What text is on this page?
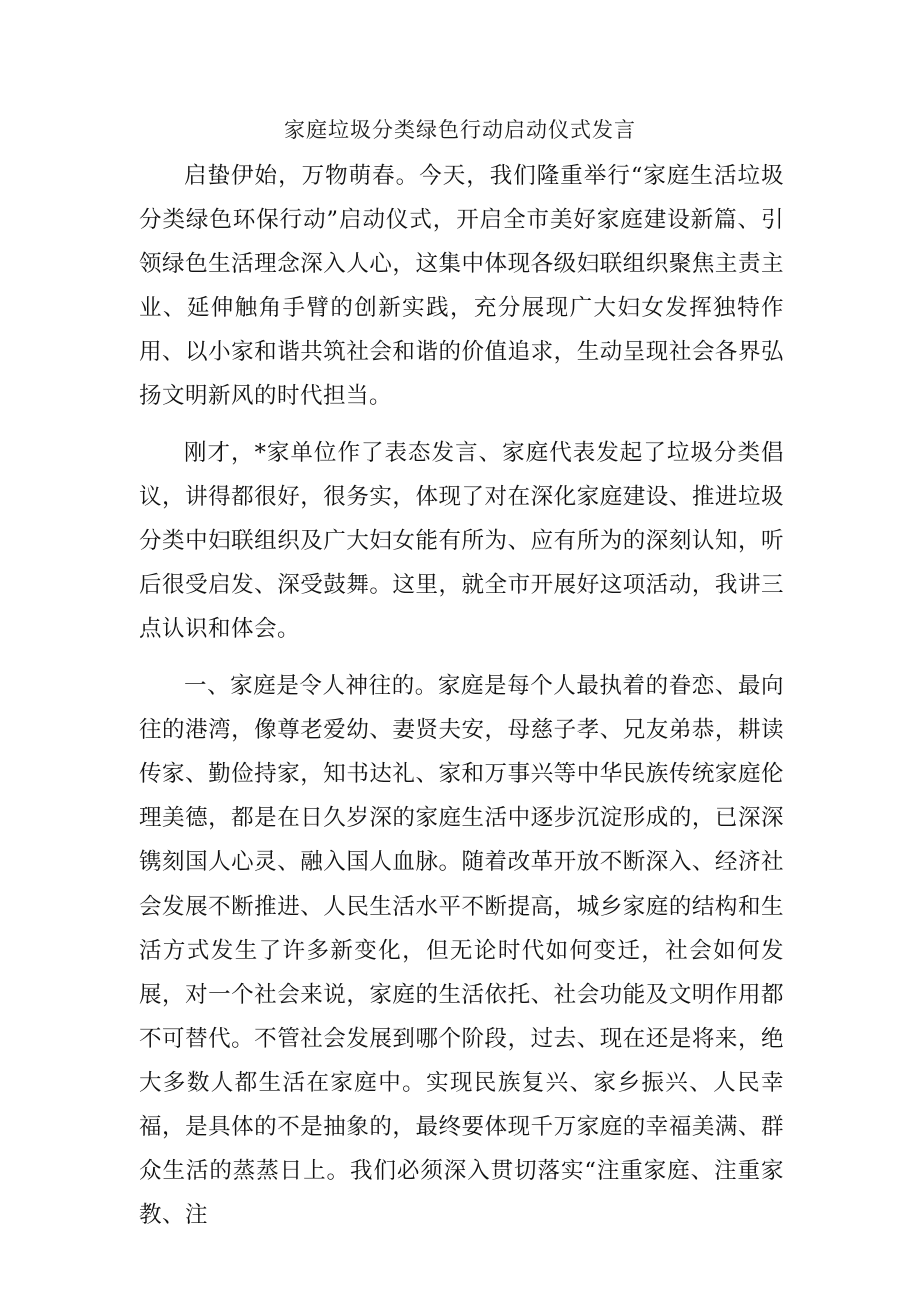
家庭垃圾分类绿色行动启动仪式发言

启蛰伊始，万物萌春。今天，我们隆重举行“家庭生活垃圾分类绿色环保行动”启动仪式，开启全市美好家庭建设新篇、引领绿色生活理念深入人心，这集中体现各级妇联组织聚焦主责主业、延伸触角手臂的创新实践，充分展现广大妇女发挥独特作用、以小家和谐共筑社会和谐的价值追求，生动呈现社会各界弘扬文明新风的时代担当。

刚才，*家单位作了表态发言、家庭代表发起了垃圾分类倡议，讲得都很好，很务实，体现了对在深化家庭建设、推进垃圾分类中妇联组织及广大妇女能有所为、应有所为的深刻认知，听后很受启发、深受鼓舞。这里，就全市开展好这项活动，我讲三点认识和体会。

一、家庭是令人神往的。家庭是每个人最执着的眷恋、最向往的港湾，像尊老爱幼、妻贤夫安，母慈子孝、兄友弟恭，耕读传家、勤俭持家，知书达礼、家和万事兴等中华民族传统家庭伦理美德，都是在日久岁深的家庭生活中逐步沉淀形成的，已深深镌刻国人心灵、融入国人血脉。随着改革开放不断深入、经济社会发展不断推进、人民生活水平不断提高，城乡家庭的结构和生活方式发生了许多新变化，但无论时代如何变迁，社会如何发展，对一个社会来说，家庭的生活依托、社会功能及文明作用都不可替代。不管社会发展到哪个阶段，过去、现在还是将来，绝大多数人都生活在家庭中。实现民族复兴、家乡振兴、人民幸福，是具体的不是抽象的，最终要体现千万家庭的幸福美满、群众生活的蒸蒸日上。我们必须深入贯切落实“注重家庭、注重家教、注
